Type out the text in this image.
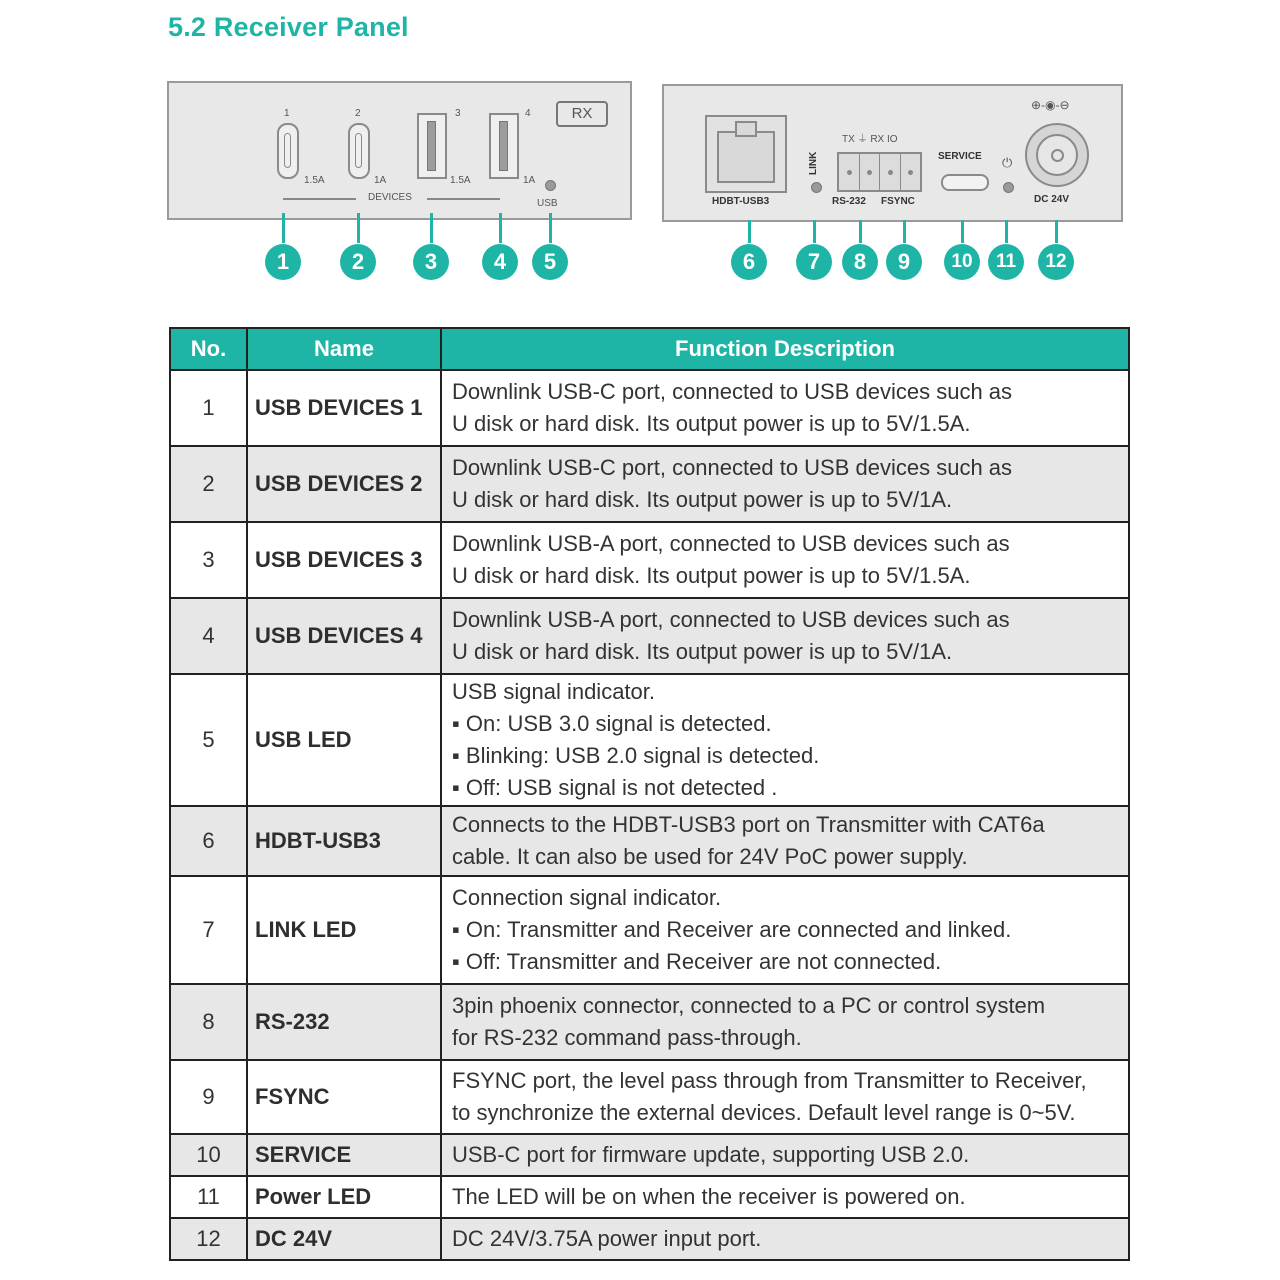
5.2 Receiver Panel
1	2	3	4
1.5A	1A	1.5A	1A
DEVICES
USB
RX
HDBT-USB3
LINK
TX ⏚ RX IO
RS-232 FSYNC
SERVICE ⏻
⊕-◉-⊖
DC 24V
1	2	3	4	5	6	7	8	9	10	11	12
No.	Name	Function Description
1	USB DEVICES 1	Downlink USB-C port, connected to USB devices such as
U disk or hard disk. Its output power is up to 5V/1.5A.

2	USB DEVICES 2	Downlink USB-C port, connected to USB devices such as
U disk or hard disk. Its output power is up to 5V/1A.

3	USB DEVICES 3	Downlink USB-A port, connected to USB devices such as
U disk or hard disk. Its output power is up to 5V/1.5A.

4	USB DEVICES 4	Downlink USB-A port, connected to USB devices such as
U disk or hard disk. Its output power is up to 5V/1A.

5	USB LED	USB signal indicator.
▪ On: USB 3.0 signal is detected.
▪ Blinking: USB 2.0 signal is detected.
▪ Off: USB signal is not detected .

6	HDBT-USB3	Connects to the HDBT-USB3 port on Transmitter with CAT6a
cable. It can also be used for 24V PoC power supply.

7	LINK LED	Connection signal indicator.
▪ On: Transmitter and Receiver are connected and linked.
▪ Off: Transmitter and Receiver are not connected.

8	RS-232	3pin phoenix connector, connected to a PC or control system
for RS-232 command pass-through.

9	FSYNC	FSYNC port, the level pass through from Transmitter to Receiver,
to synchronize the external devices. Default level range is 0~5V.

10	SERVICE	USB-C port for firmware update, supporting USB 2.0.

11	Power LED	The LED will be on when the receiver is powered on.

12	DC 24V	DC 24V/3.75A power input port.
